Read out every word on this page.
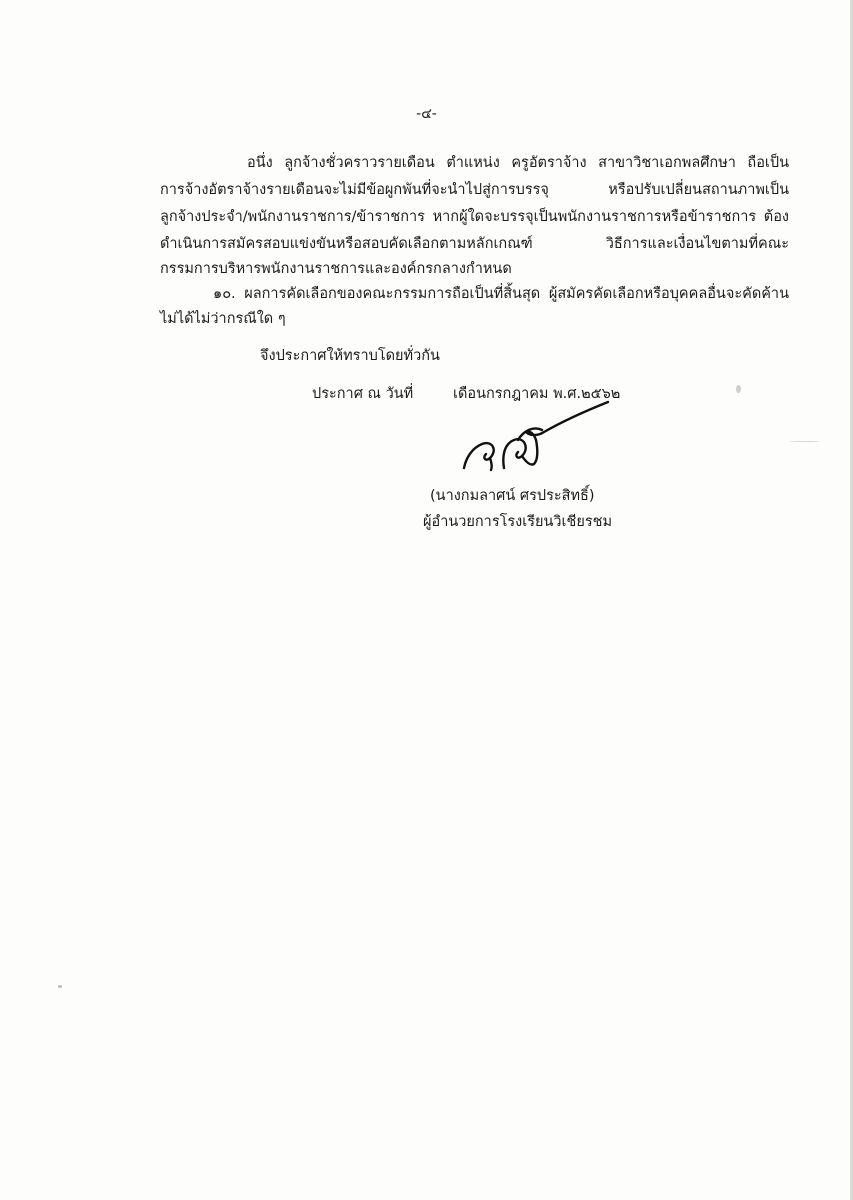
-๔-
อนึ่ง ลูกจ้างชั่วคราวรายเดือน ตำแหน่ง ครูอัตราจ้าง สาขาวิชาเอกพลศึกษา ถือเป็น
การจ้างอัตราจ้างรายเดือนจะไม่มีข้อผูกพันที่จะนำไปสู่การบรรจุ หรือปรับเปลี่ยนสถานภาพเป็น
ลูกจ้างประจำ/พนักงานราชการ/ข้าราชการ หากผู้ใดจะบรรจุเป็นพนักงานราชการหรือข้าราชการ ต้อง
ดำเนินการสมัครสอบแข่งขันหรือสอบคัดเลือกตามหลักเกณฑ์ วิธีการและเงื่อนไขตามที่คณะ
กรรมการบริหารพนักงานราชการและองค์กรกลางกำหนด
๑๐. ผลการคัดเลือกของคณะกรรมการถือเป็นที่สิ้นสุด ผู้สมัครคัดเลือกหรือบุคคลอื่นจะคัดค้าน
ไม่ได้ไม่ว่ากรณีใด ๆ
จึงประกาศให้ทราบโดยทั่วกัน
ประกาศ ณ วันที่	เดือนกรกฎาคม พ.ศ.๒๕๖๒
(นางกมลาศน์ ศรประสิทธิ์)
ผู้อำนวยการโรงเรียนวิเชียรชม
